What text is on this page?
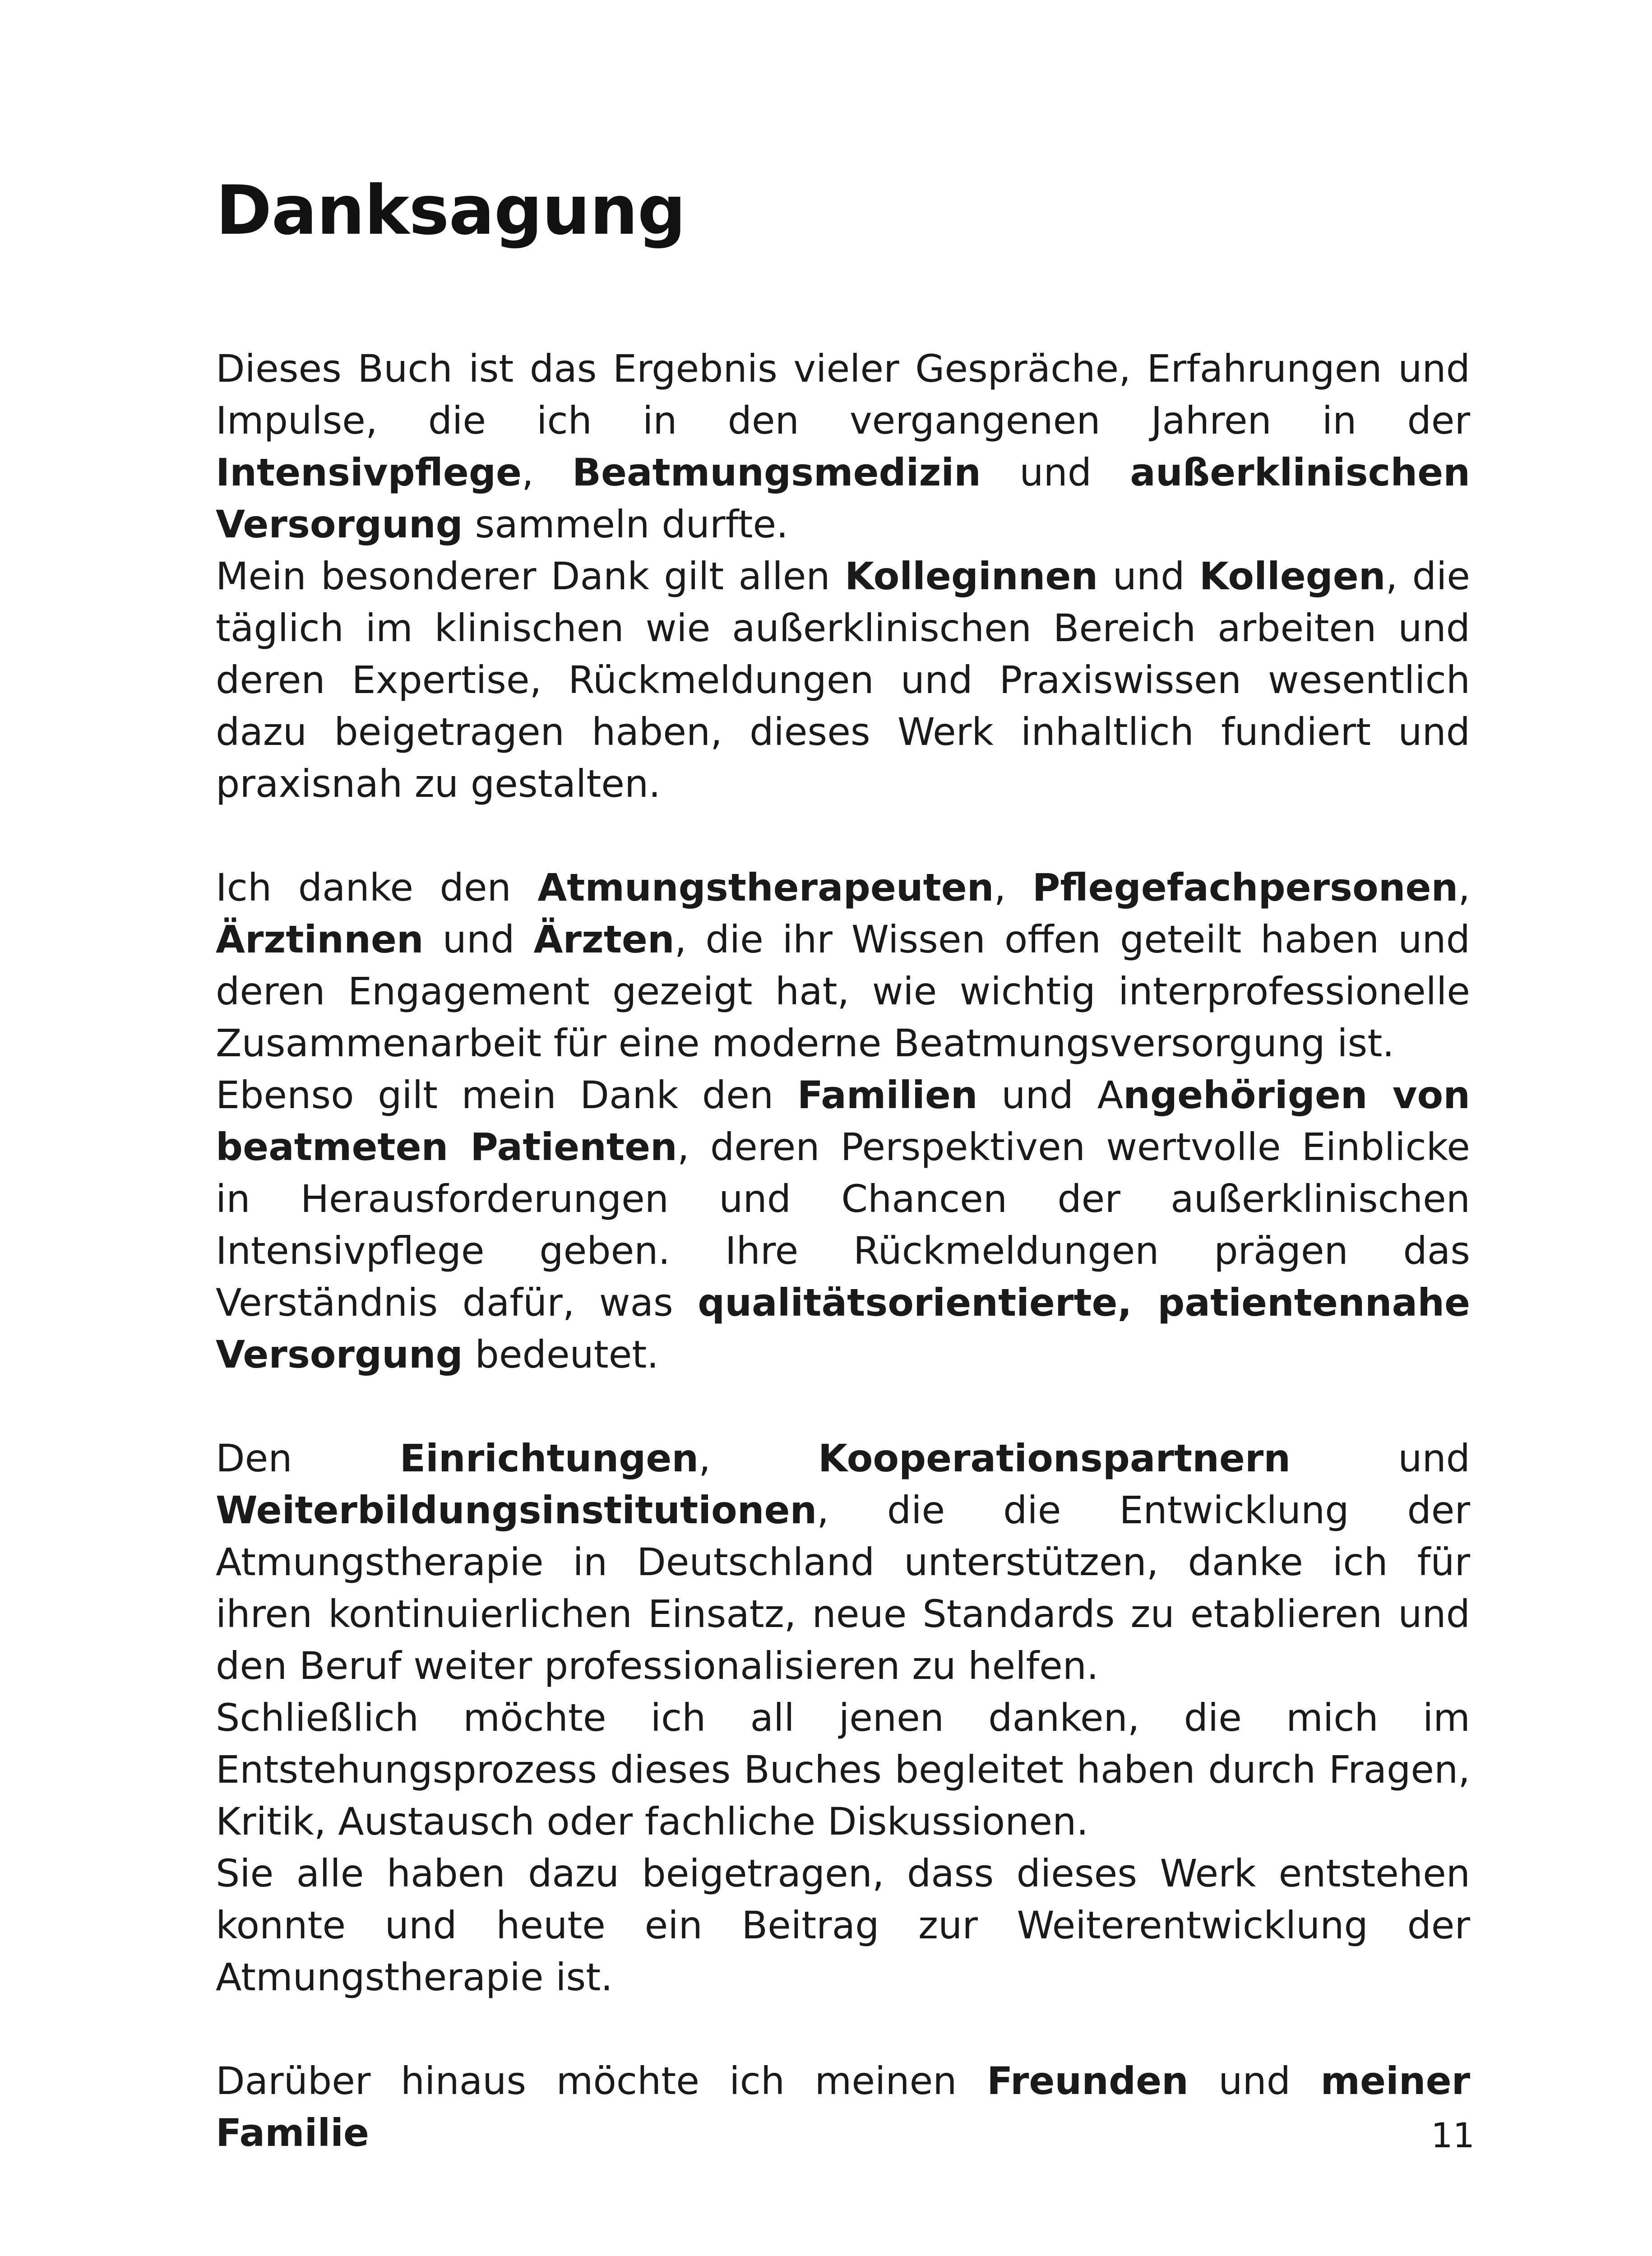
Danksagung

Dieses Buch ist das Ergebnis vieler Gespräche, Erfahrungen und Impulse, die ich in den vergangenen Jahren in der Intensivpflege, Beatmungsmedizin und außerklinischen Versorgung sammeln durfte.

Mein besonderer Dank gilt allen Kolleginnen und Kollegen, die täglich im klinischen wie außerklinischen Bereich arbeiten und deren Expertise, Rückmeldungen und Praxiswissen wesentlich dazu beigetragen haben, dieses Werk inhaltlich fundiert und praxisnah zu gestalten.

Ich danke den Atmungstherapeuten, Pflegefachpersonen, Ärztinnen und Ärzten, die ihr Wissen offen geteilt haben und deren Engagement gezeigt hat, wie wichtig interprofessionelle Zusammenarbeit für eine moderne Beatmungsversorgung ist.

Ebenso gilt mein Dank den Familien und Angehörigen von beatmeten Patienten, deren Perspektiven wertvolle Einblicke in Herausforderungen und Chancen der außerklinischen Intensivpflege geben. Ihre Rückmeldungen prägen das Verständnis dafür, was qualitätsorientierte, patientennahe Versorgung bedeutet.

Den Einrichtungen, Kooperationspartnern und Weiterbildungsinstitutionen, die die Entwicklung der Atmungstherapie in Deutschland unterstützen, danke ich für ihren kontinuierlichen Einsatz, neue Standards zu etablieren und den Beruf weiter professionalisieren zu helfen.

Schließlich möchte ich all jenen danken, die mich im Entstehungsprozess dieses Buches begleitet haben durch Fragen, Kritik, Austausch oder fachliche Diskussionen.

Sie alle haben dazu beigetragen, dass dieses Werk entstehen konnte und heute ein Beitrag zur Weiterentwicklung der Atmungstherapie ist.

Darüber hinaus möchte ich meinen Freunden und meiner Familie	11
